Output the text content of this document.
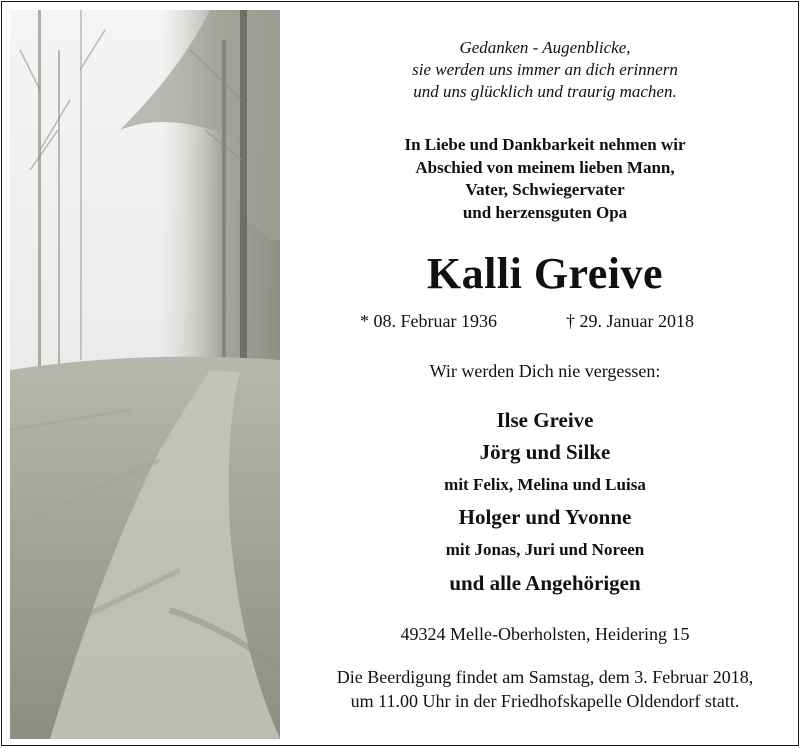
Gedanken - Augenblicke,
sie werden uns immer an dich erinnern
und uns glücklich und traurig machen.
In Liebe und Dankbarkeit nehmen wir
Abschied von meinem lieben Mann,
Vater, Schwiegervater
und herzensguten Opa
Kalli Greive
* 08. Februar 1936	† 29. Januar 2018
Wir werden Dich nie vergessen:
Ilse Greive
Jörg und Silke
mit Felix, Melina und Luisa
Holger und Yvonne
mit Jonas, Juri und Noreen
und alle Angehörigen
49324 Melle-Oberholsten, Heidering 15
Die Beerdigung findet am Samstag, dem 3. Februar 2018,
um 11.00 Uhr in der Friedhofskapelle Oldendorf statt.
